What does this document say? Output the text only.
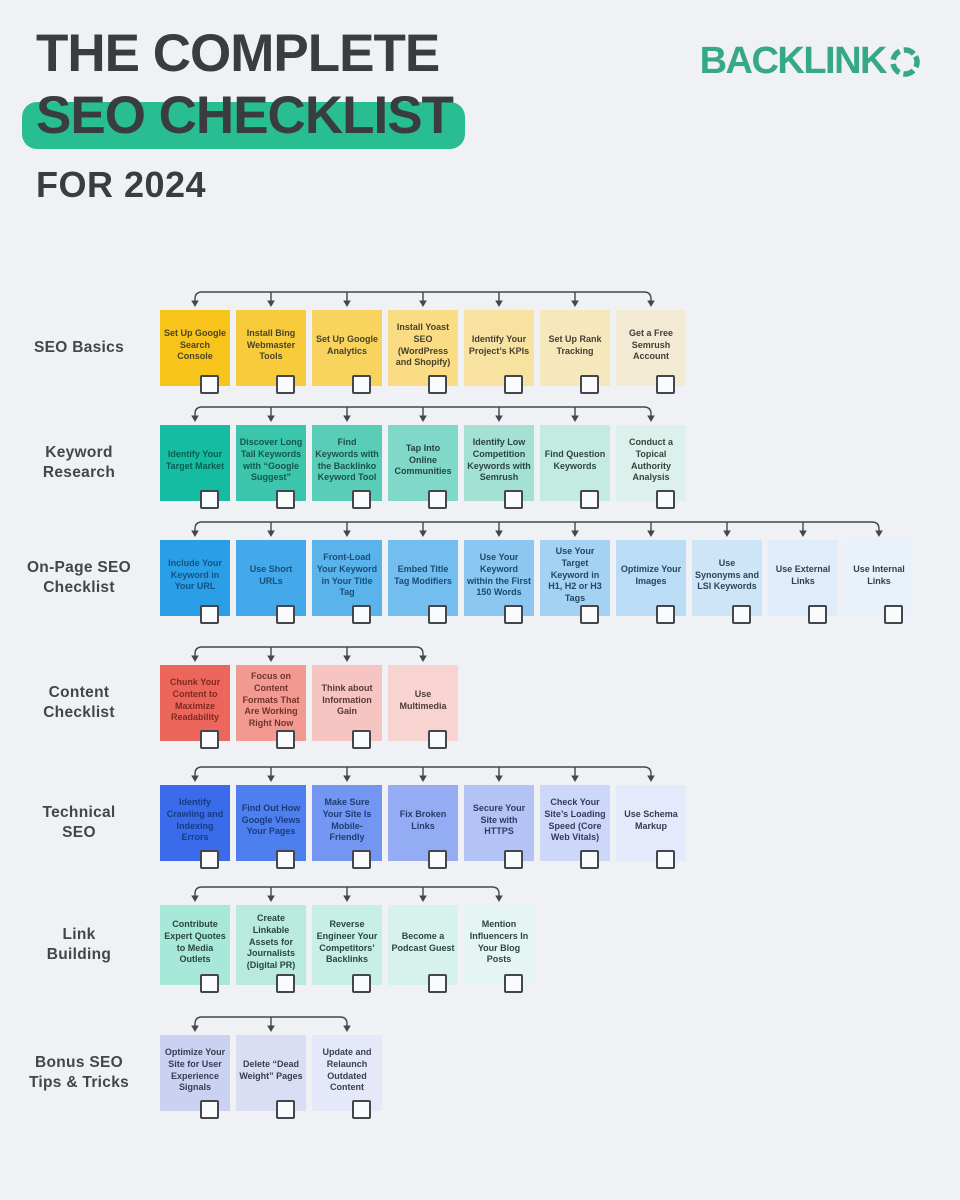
THE COMPLETE
SEO CHECKLIST
FOR 2024
BACKLINK
SEO Basics
Set Up Google Search Console
Install Bing Webmaster Tools
Set Up Google Analytics
Install Yoast SEO (WordPress and Shopify)
Identify Your Project’s KPIs
Set Up Rank Tracking
Get a Free Semrush Account
Keyword
Research
Identify Your Target Market
Discover Long Tail Keywords with “Google Suggest”
Find Keywords with the Backlinko Keyword Tool
Tap Into Online Communities
Identify Low Competition Keywords with Semrush
Find Question Keywords
Conduct a Topical Authority Analysis
On-Page SEO
Checklist
Include Your Keyword in Your URL
Use Short URLs
Front-Load Your Keyword in Your Title Tag
Embed Title Tag Modifiers
Use Your Keyword within the First 150 Words
Use Your Target Keyword in H1, H2 or H3 Tags
Optimize Your Images
Use Synonyms and LSI Keywords
Use External Links
Use Internal Links
Content
Checklist
Chunk Your Content to Maximize Readability
Focus on Content Formats That Are Working Right Now
Think about Information Gain
Use Multimedia
Technical
SEO
Identify Crawling and Indexing Errors
Find Out How Google Views Your Pages
Make Sure Your Site Is Mobile-Friendly
Fix Broken Links
Secure Your Site with HTTPS
Check Your Site’s Loading Speed (Core Web Vitals)
Use Schema Markup
Link
Building
Contribute Expert Quotes to Media Outlets
Create Linkable Assets for Journalists (Digital PR)
Reverse Engineer Your Competitors’ Backlinks
Become a Podcast Guest
Mention Influencers In Your Blog Posts
Bonus SEO
Tips & Tricks
Optimize Your Site for User Experience Signals
Delete “Dead Weight” Pages
Update and Relaunch Outdated Content
